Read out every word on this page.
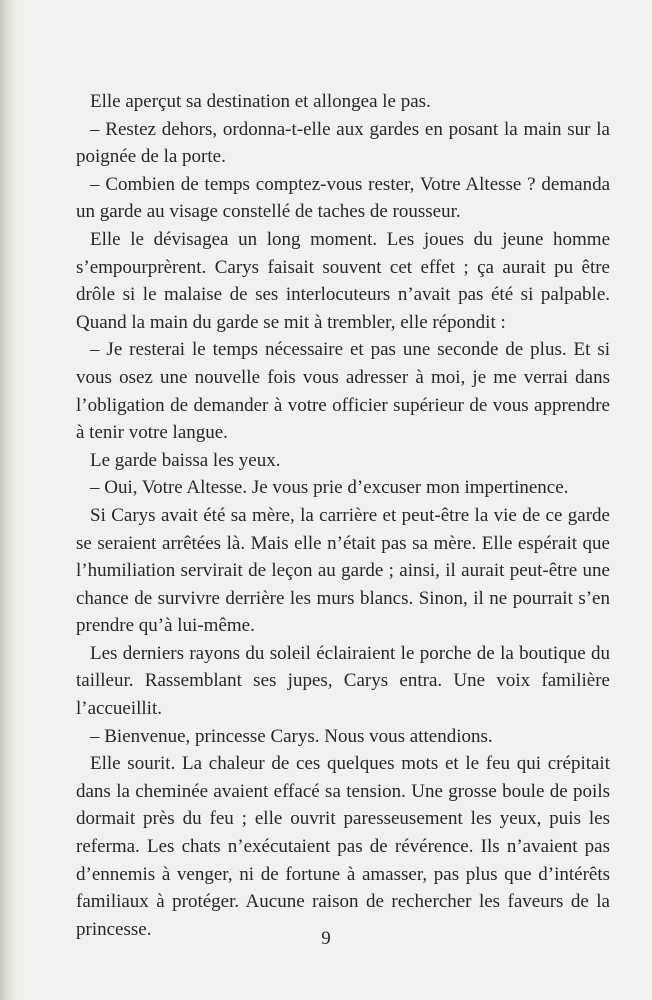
Elle aperçut sa destination et allongea le pas.

– Restez dehors, ordonna-t-elle aux gardes en posant la main sur la poignée de la porte.

– Combien de temps comptez-vous rester, Votre Altesse ? demanda un garde au visage constellé de taches de rousseur.

Elle le dévisagea un long moment. Les joues du jeune homme s’empourprèrent. Carys faisait souvent cet effet ; ça aurait pu être drôle si le malaise de ses interlocuteurs n’avait pas été si palpable. Quand la main du garde se mit à trembler, elle répondit :

– Je resterai le temps nécessaire et pas une seconde de plus. Et si vous osez une nouvelle fois vous adresser à moi, je me verrai dans l’obligation de demander à votre officier supérieur de vous apprendre à tenir votre langue.

Le garde baissa les yeux.

– Oui, Votre Altesse. Je vous prie d’excuser mon impertinence.

Si Carys avait été sa mère, la carrière et peut-être la vie de ce garde se seraient arrêtées là. Mais elle n’était pas sa mère. Elle espérait que l’humiliation servirait de leçon au garde ; ainsi, il aurait peut-être une chance de survivre derrière les murs blancs. Sinon, il ne pourrait s’en prendre qu’à lui-même.

Les derniers rayons du soleil éclairaient le porche de la boutique du tailleur. Rassemblant ses jupes, Carys entra. Une voix familière l’accueillit.

– Bienvenue, princesse Carys. Nous vous attendions.

Elle sourit. La chaleur de ces quelques mots et le feu qui crépitait dans la cheminée avaient effacé sa tension. Une grosse boule de poils dormait près du feu ; elle ouvrit paresseusement les yeux, puis les referma. Les chats n’exécutaient pas de révérence. Ils n’avaient pas d’ennemis à venger, ni de fortune à amasser, pas plus que d’intérêts familiaux à protéger. Aucune raison de rechercher les faveurs de la princesse.	9
